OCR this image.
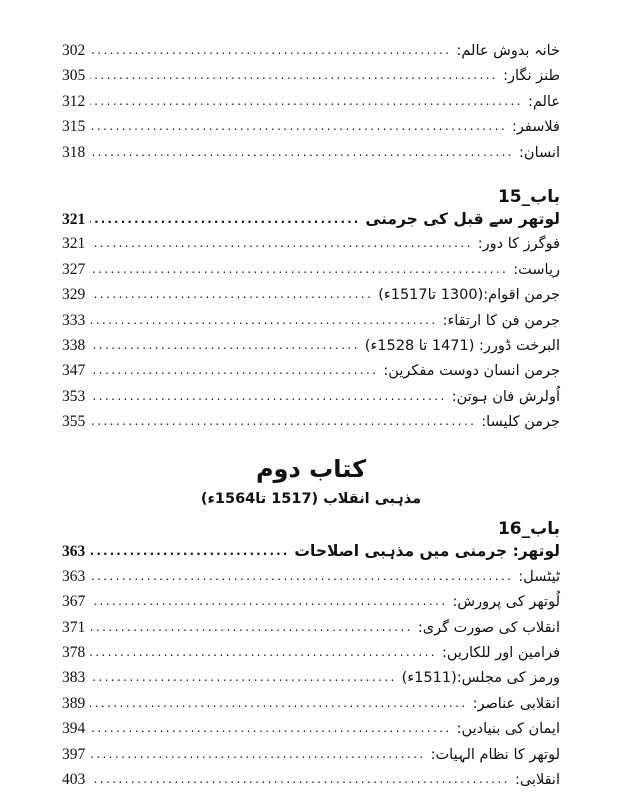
خانہ بدوش عالم:
.....
302
طنز نگار:
.....
305
عالم:
.....
312
فلاسفر:
.....
315
انسان:
.....
318
باب_15
لوتھر سے قبل کی جرمنی
.....
321
فوگرز کا دور:
.....
321
ریاست:
.....
327
جرمن اقوام:(1300 تا1517ء)
.....
329
جرمن فن کا ارتقاء:
.....
333
البرخت ڈورر: (1471 تا 1528ء)
.....
338
جرمن انسان دوست مفکرین:
.....
347
اُولرش فان ہوتن:
.....
353
جرمن کلیسا:
.....
355
کتاب دوم
مذہبی انقلاب (1517 تا1564ء)
باب_16
لوتھر: جرمنی میں مذہبی اصلاحات
.....
363
ٹیٹسل:
.....
363
لُوتھر کی پرورش:
.....
367
انقلاب کی صورت گری:
.....
371
فرامین اور للکاریں:
.....
378
ورمز کی مجلس:(1511ء)
.....
383
انقلابی عناصر:
.....
389
ایمان کی بنیادیں:
.....
394
لوتھر کا نظام الہیات:
.....
397
انقلابی:
.....
403
